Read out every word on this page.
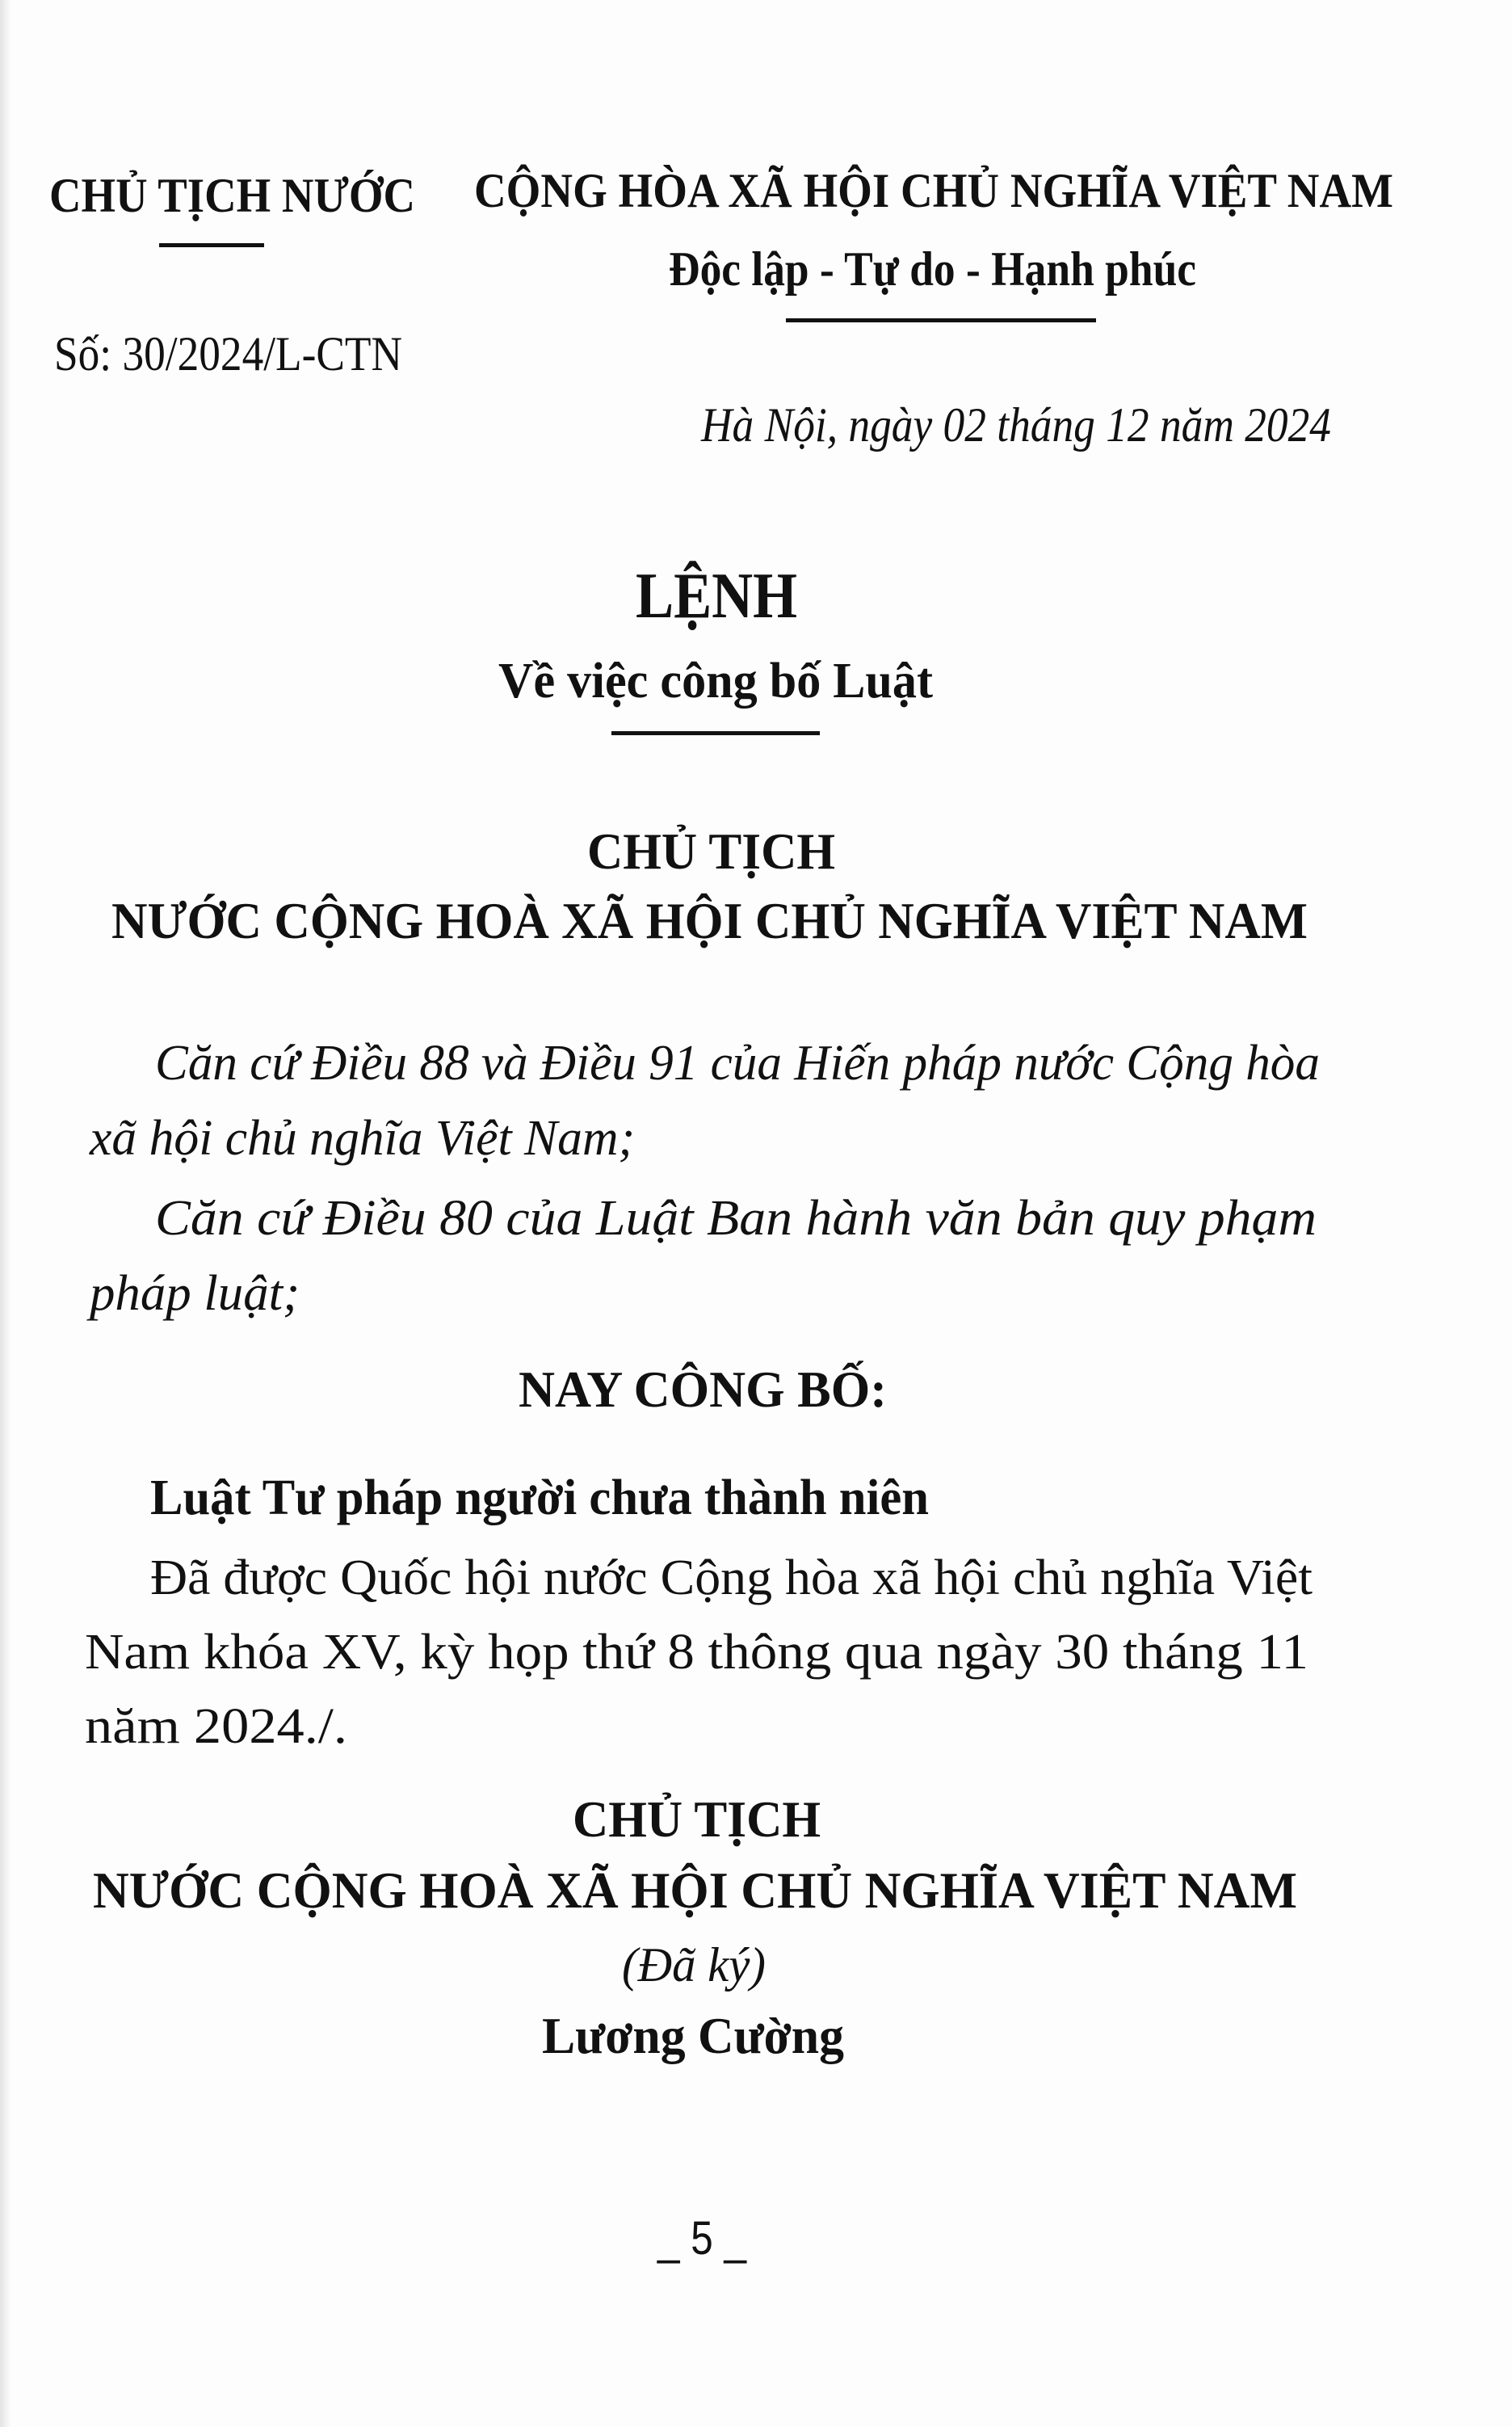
CHỦ TỊCH NƯỚC	CỘNG HÒA XÃ HỘI CHỦ NGHĨA VIỆT NAM
Độc lập - Tự do - Hạnh phúc
Số: 30/2024/L-CTN
Hà Nội, ngày 02 tháng 12 năm 2024
LỆNH
Về việc công bố Luật
CHỦ TỊCH
NƯỚC CỘNG HOÀ XÃ HỘI CHỦ NGHĨA VIỆT NAM
Căn cứ Điều 88 và Điều 91 của Hiến pháp nước Cộng hòa
xã hội chủ nghĩa Việt Nam;
Căn cứ Điều 80 của Luật Ban hành văn bản quy phạm
pháp luật;
NAY CÔNG BỐ:
Luật Tư pháp người chưa thành niên
Đã được Quốc hội nước Cộng hòa xã hội chủ nghĩa Việt
Nam khóa XV, kỳ họp thứ 8 thông qua ngày 30 tháng 11
năm 2024./.
CHỦ TỊCH
NƯỚC CỘNG HOÀ XÃ HỘI CHỦ NGHĨA VIỆT NAM
(Đã ký)
Lương Cường
_ 5 _
